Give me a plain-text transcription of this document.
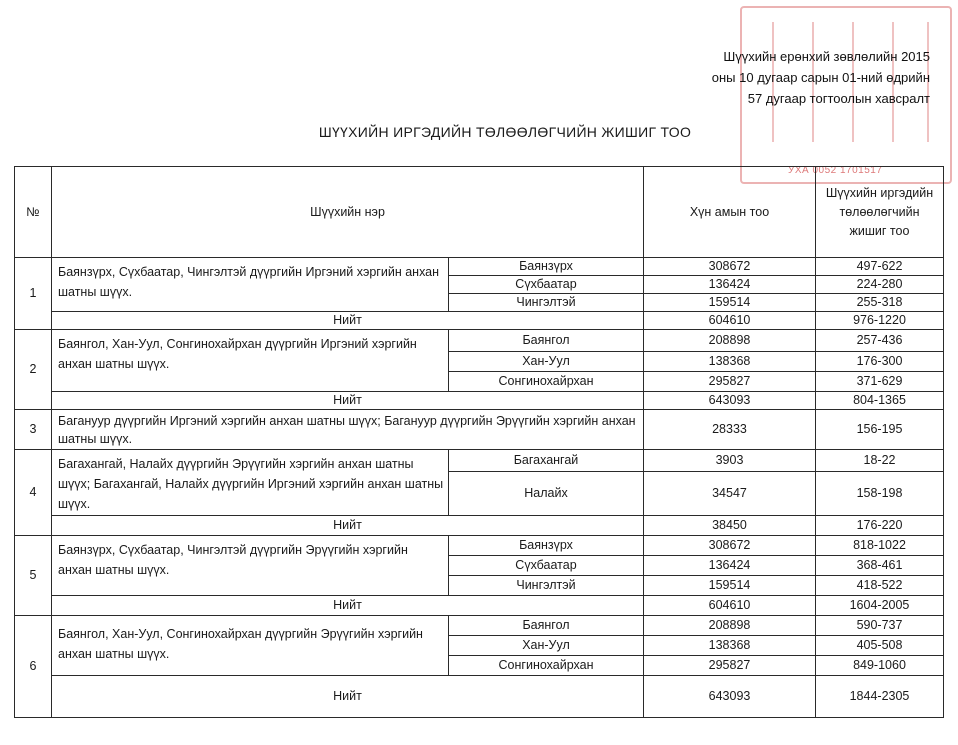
УХА 0052 1701517
Шүүхийн ерөнхий зөвлөлийн 2015
оны 10 дугаар сарын 01-ний өдрийн
57 дугаар тогтоолын хавсралт
ШҮҮХИЙН ИРГЭДИЙН ТӨЛӨӨЛӨГЧИЙН ЖИШИГ ТОО
№	Шүүхийн нэр		Хүн амын тоо	Шүүхийн иргэдийн төлөөлөгчийн жишиг тоо
1	Баянзүрх, Сүхбаатар, Чингэлтэй дүүргийн Иргэний хэргийн анхан шатны шүүх.	Баянзүрх	308672	497-622
		Сүхбаатар	136424	224-280
		Чингэлтэй	159514	255-318
	Нийт		604610	976-1220
2	Баянгол, Хан-Уул, Сонгинохайрхан дүүргийн Иргэний хэргийн анхан шатны шүүх.	Баянгол	208898	257-436
		Хан-Уул	138368	176-300
		Сонгинохайрхан	295827	371-629
	Нийт		643093	804-1365
3	Багануур дүүргийн Иргэний хэргийн анхан шатны шүүх; Багануур дүүргийн Эрүүгийн хэргийн анхан шатны шүүх.		28333	156-195
4	Багахангай, Налайх дүүргийн Эрүүгийн хэргийн анхан шатны шүүх; Багахангай, Налайх дүүргийн Иргэний хэргийн анхан шатны шүүх.	Багахангай	3903	18-22
		Налайх	34547	158-198
	Нийт		38450	176-220
5	Баянзүрх, Сүхбаатар, Чингэлтэй дүүргийн Эрүүгийн хэргийн анхан шатны шүүх.	Баянзүрх	308672	818-1022
		Сүхбаатар	136424	368-461
		Чингэлтэй	159514	418-522
	Нийт		604610	1604-2005
6	Баянгол, Хан-Уул, Сонгинохайрхан дүүргийн Эрүүгийн хэргийн анхан шатны шүүх.	Баянгол	208898	590-737
		Хан-Уул	138368	405-508
		Сонгинохайрхан	295827	849-1060
	Нийт		643093	1844-2305
